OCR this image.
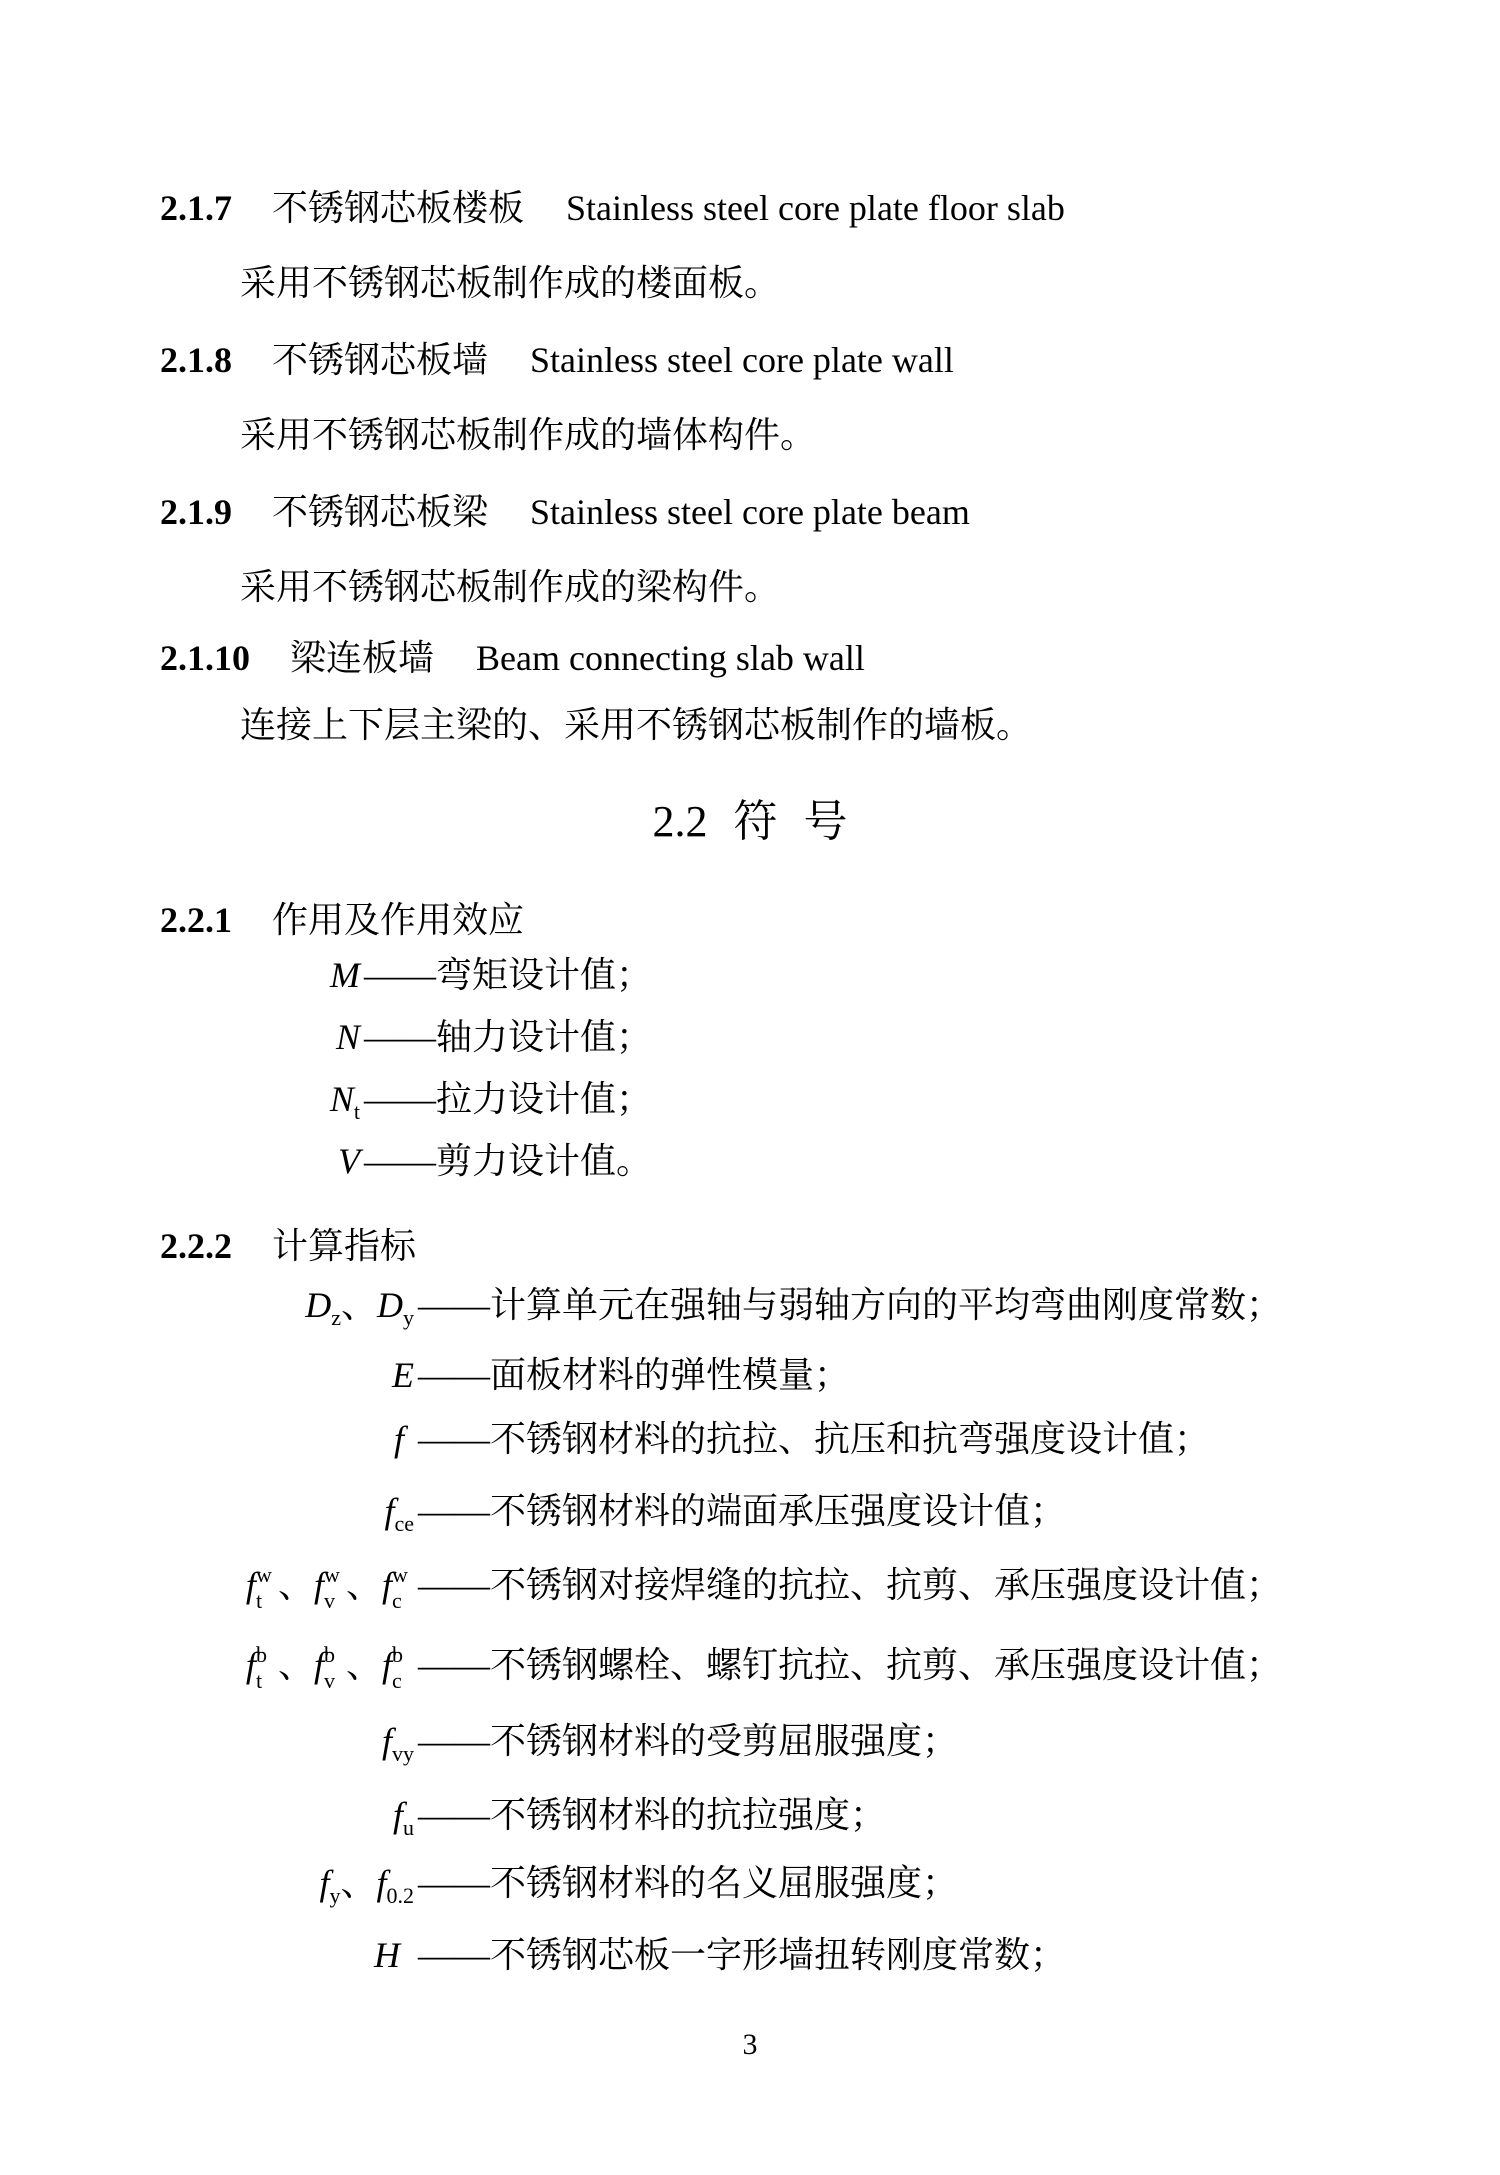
2.1.7 不锈钢芯板楼板 Stainless steel core plate floor slab
采用不锈钢芯板制作成的楼面板。
2.1.8 不锈钢芯板墙 Stainless steel core plate wall
采用不锈钢芯板制作成的墙体构件。
2.1.9 不锈钢芯板梁 Stainless steel core plate beam
采用不锈钢芯板制作成的梁构件。
2.1.10 梁连板墙 Beam connecting slab wall
连接上下层主梁的、采用不锈钢芯板制作的墙板。
2.2 符 号
2.2.1 作用及作用效应
M ——弯矩设计值；
N ——轴力设计值；
$N_t$ ——拉力设计值；
V ——剪力设计值。
2.2.2 计算指标
$D_z$、$D_y$ ——计算单元在强轴与弱轴方向的平均弯曲刚度常数；
E ——面板材料的弹性模量；
f ——不锈钢材料的抗拉、抗压和抗弯强度设计值；
$f_{ce}$ ——不锈钢材料的端面承压强度设计值；
f w
t 、f w
v 、f w
c ——不锈钢对接焊缝的抗拉、抗剪、承压强度设计值；
f b
t 、f b
v 、f b
c ——不锈钢螺栓、螺钉抗拉、抗剪、承压强度设计值；
$f_{vy}$ ——不锈钢材料的受剪屈服强度；
$f_u$ ——不锈钢材料的抗拉强度；
$f_y$、$f_{0.2}$ ——不锈钢材料的名义屈服强度；
H ——不锈钢芯板一字形墙扭转刚度常数；
3
